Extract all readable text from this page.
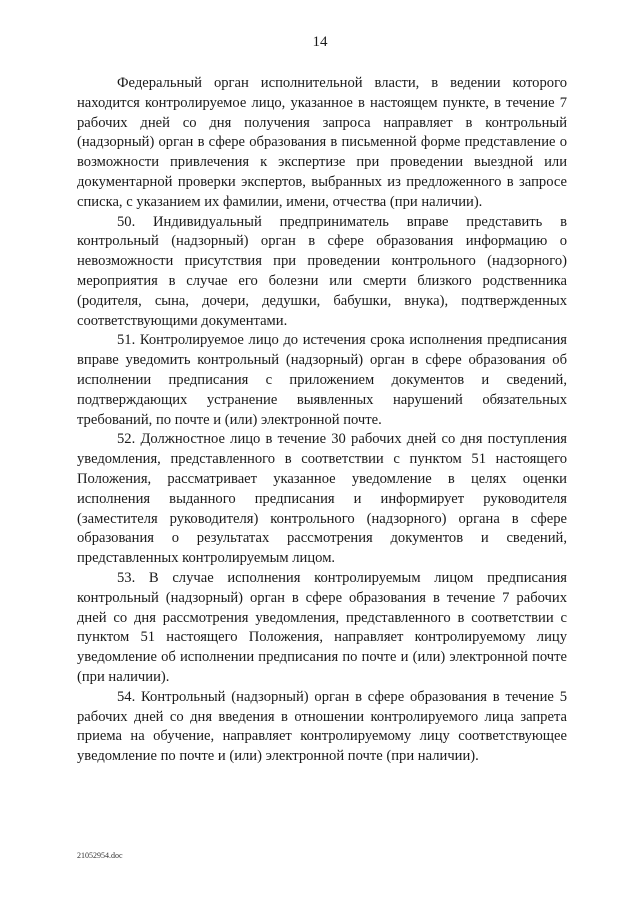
14

Федеральный орган исполнительной власти, в ведении которого находится контролируемое лицо, указанное в настоящем пункте, в течение 7 рабочих дней со дня получения запроса направляет в контрольный (надзорный) орган в сфере образования в письменной форме представление о возможности привлечения к экспертизе при проведении выездной или документарной проверки экспертов, выбранных из предложенного в запросе списка, с указанием их фамилии, имени, отчества (при наличии).

50. Индивидуальный предприниматель вправе представить в контрольный (надзорный) орган в сфере образования информацию о невозможности присутствия при проведении контрольного (надзорного) мероприятия в случае его болезни или смерти близкого родственника (родителя, сына, дочери, дедушки, бабушки, внука), подтвержденных соответствующими документами.

51. Контролируемое лицо до истечения срока исполнения предписания вправе уведомить контрольный (надзорный) орган в сфере образования об исполнении предписания с приложением документов и сведений, подтверждающих устранение выявленных нарушений обязательных требований, по почте и (или) электронной почте.

52. Должностное лицо в течение 30 рабочих дней со дня поступления уведомления, представленного в соответствии с пунктом 51 настоящего Положения, рассматривает указанное уведомление в целях оценки исполнения выданного предписания и информирует руководителя (заместителя руководителя) контрольного (надзорного) органа в сфере образования о результатах рассмотрения документов и сведений, представленных контролируемым лицом.

53. В случае исполнения контролируемым лицом предписания контрольный (надзорный) орган в сфере образования в течение 7 рабочих дней со дня рассмотрения уведомления, представленного в соответствии с пунктом 51 настоящего Положения, направляет контролируемому лицу уведомление об исполнении предписания по почте и (или) электронной почте (при наличии).

54. Контрольный (надзорный) орган в сфере образования в течение 5 рабочих дней со дня введения в отношении контролируемого лица запрета приема на обучение, направляет контролируемому лицу соответствующее уведомление по почте и (или) электронной почте (при наличии).

21052954.doc
